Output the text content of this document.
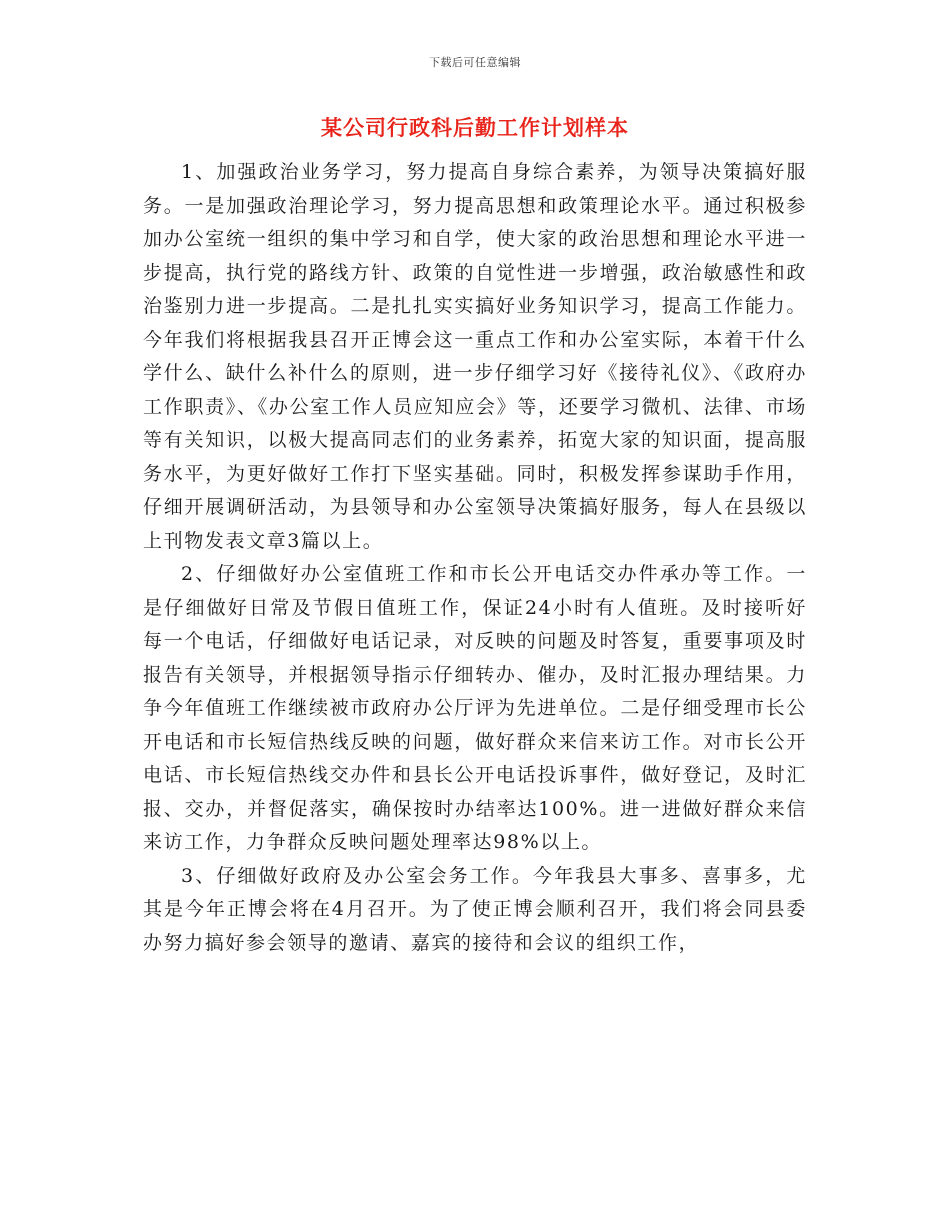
下载后可任意编辑
某公司行政科后勤工作计划样本

1、加强政治业务学习，努力提高自身综合素养，为领导决策搞好服务。一是加强政治理论学习，努力提高思想和政策理论水平。通过积极参加办公室统一组织的集中学习和自学，使大家的政治思想和理论水平进一步提高，执行党的路线方针、政策的自觉性进一步增强，政治敏感性和政治鉴别力进一步提高。二是扎扎实实搞好业务知识学习，提高工作能力。今年我们将根据我县召开正博会这一重点工作和办公室实际，本着干什么学什么、缺什么补什么的原则，进一步仔细学习好《接待礼仪》、《政府办工作职责》、《办公室工作人员应知应会》等，还要学习微机、法律、市场等有关知识，以极大提高同志们的业务素养，拓宽大家的知识面，提高服务水平，为更好做好工作打下坚实基础。同时，积极发挥参谋助手作用，仔细开展调研活动，为县领导和办公室领导决策搞好服务，每人在县级以上刊物发表文章3篇以上。

2、仔细做好办公室值班工作和市长公开电话交办件承办等工作。一是仔细做好日常及节假日值班工作，保证24小时有人值班。及时接听好每一个电话，仔细做好电话记录，对反映的问题及时答复，重要事项及时报告有关领导，并根据领导指示仔细转办、催办，及时汇报办理结果。力争今年值班工作继续被市政府办公厅评为先进单位。二是仔细受理市长公开电话和市长短信热线反映的问题，做好群众来信来访工作。对市长公开电话、市长短信热线交办件和县长公开电话投诉事件，做好登记，及时汇报、交办，并督促落实，确保按时办结率达100%。进一进做好群众来信来访工作，力争群众反映问题处理率达98%以上。

3、仔细做好政府及办公室会务工作。今年我县大事多、喜事多，尤其是今年正博会将在4月召开。为了使正博会顺利召开，我们将会同县委办努力搞好参会领导的邀请、嘉宾的接待和会议的组织工作，
